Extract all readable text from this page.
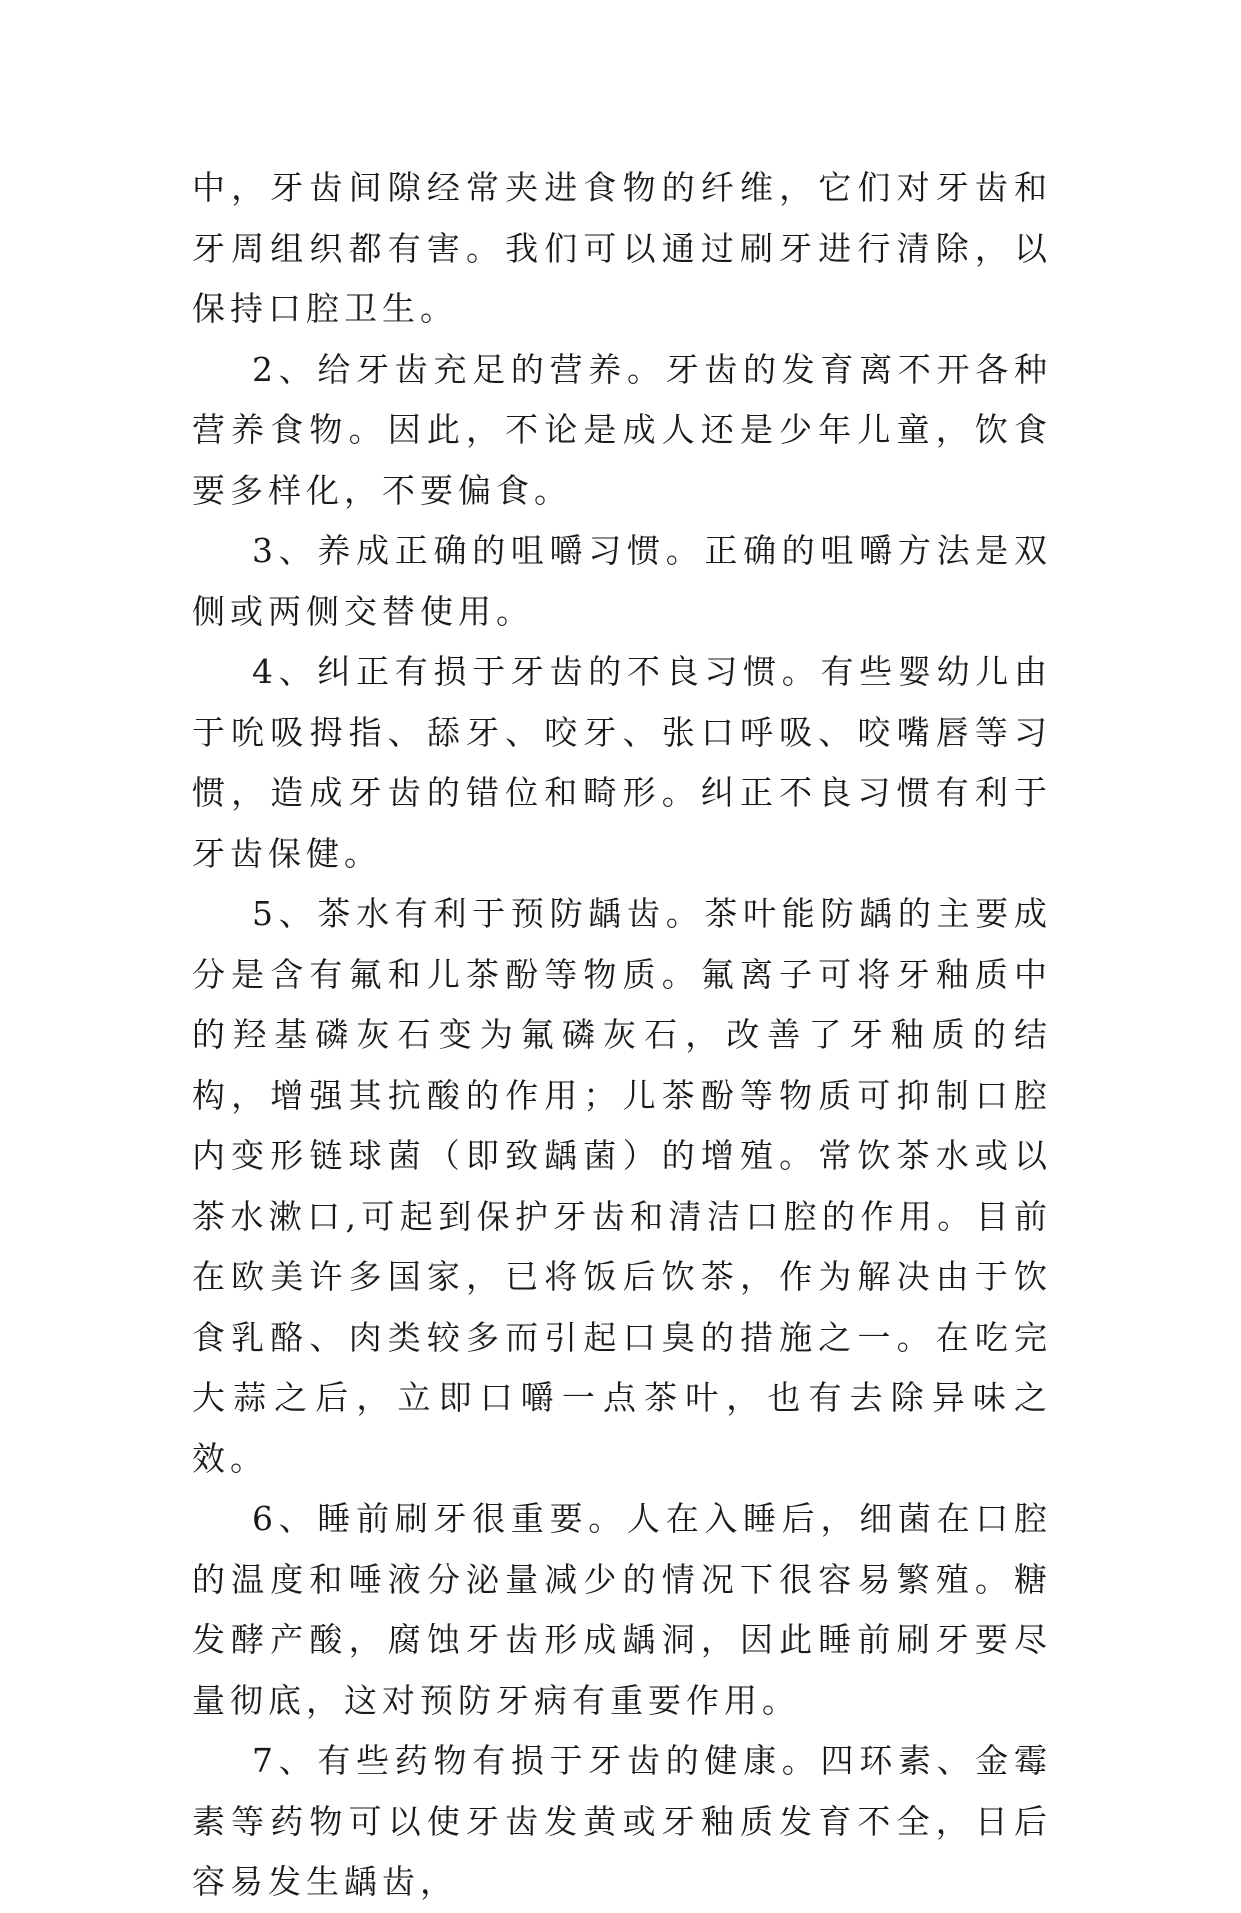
中，牙齿间隙经常夹进食物的纤维，它们对牙齿和牙周组织都有害。我们可以通过刷牙进行清除，以保持口腔卫生。

2、给牙齿充足的营养。牙齿的发育离不开各种营养食物。因此，不论是成人还是少年儿童，饮食要多样化，不要偏食。

3、养成正确的咀嚼习惯。正确的咀嚼方法是双侧或两侧交替使用。

4、纠正有损于牙齿的不良习惯。有些婴幼儿由于吮吸拇指、舔牙、咬牙、张口呼吸、咬嘴唇等习惯，造成牙齿的错位和畸形。纠正不良习惯有利于牙齿保健。

5、茶水有利于预防龋齿。茶叶能防龋的主要成分是含有氟和儿茶酚等物质。氟离子可将牙釉质中的羟基磷灰石变为氟磷灰石，改善了牙釉质的结构，增强其抗酸的作用；儿茶酚等物质可抑制口腔内变形链球菌（即致龋菌）的增殖。常饮茶水或以茶水漱口,可起到保护牙齿和清洁口腔的作用。目前在欧美许多国家，已将饭后饮茶，作为解决由于饮食乳酪、肉类较多而引起口臭的措施之一。在吃完大蒜之后，立即口嚼一点茶叶，也有去除异味之效。

6、睡前刷牙很重要。人在入睡后，细菌在口腔的温度和唾液分泌量减少的情况下很容易繁殖。糖发酵产酸，腐蚀牙齿形成龋洞，因此睡前刷牙要尽量彻底，这对预防牙病有重要作用。

7、有些药物有损于牙齿的健康。四环素、金霉素等药物可以使牙齿发黄或牙釉质发育不全，日后容易发生龋齿，
